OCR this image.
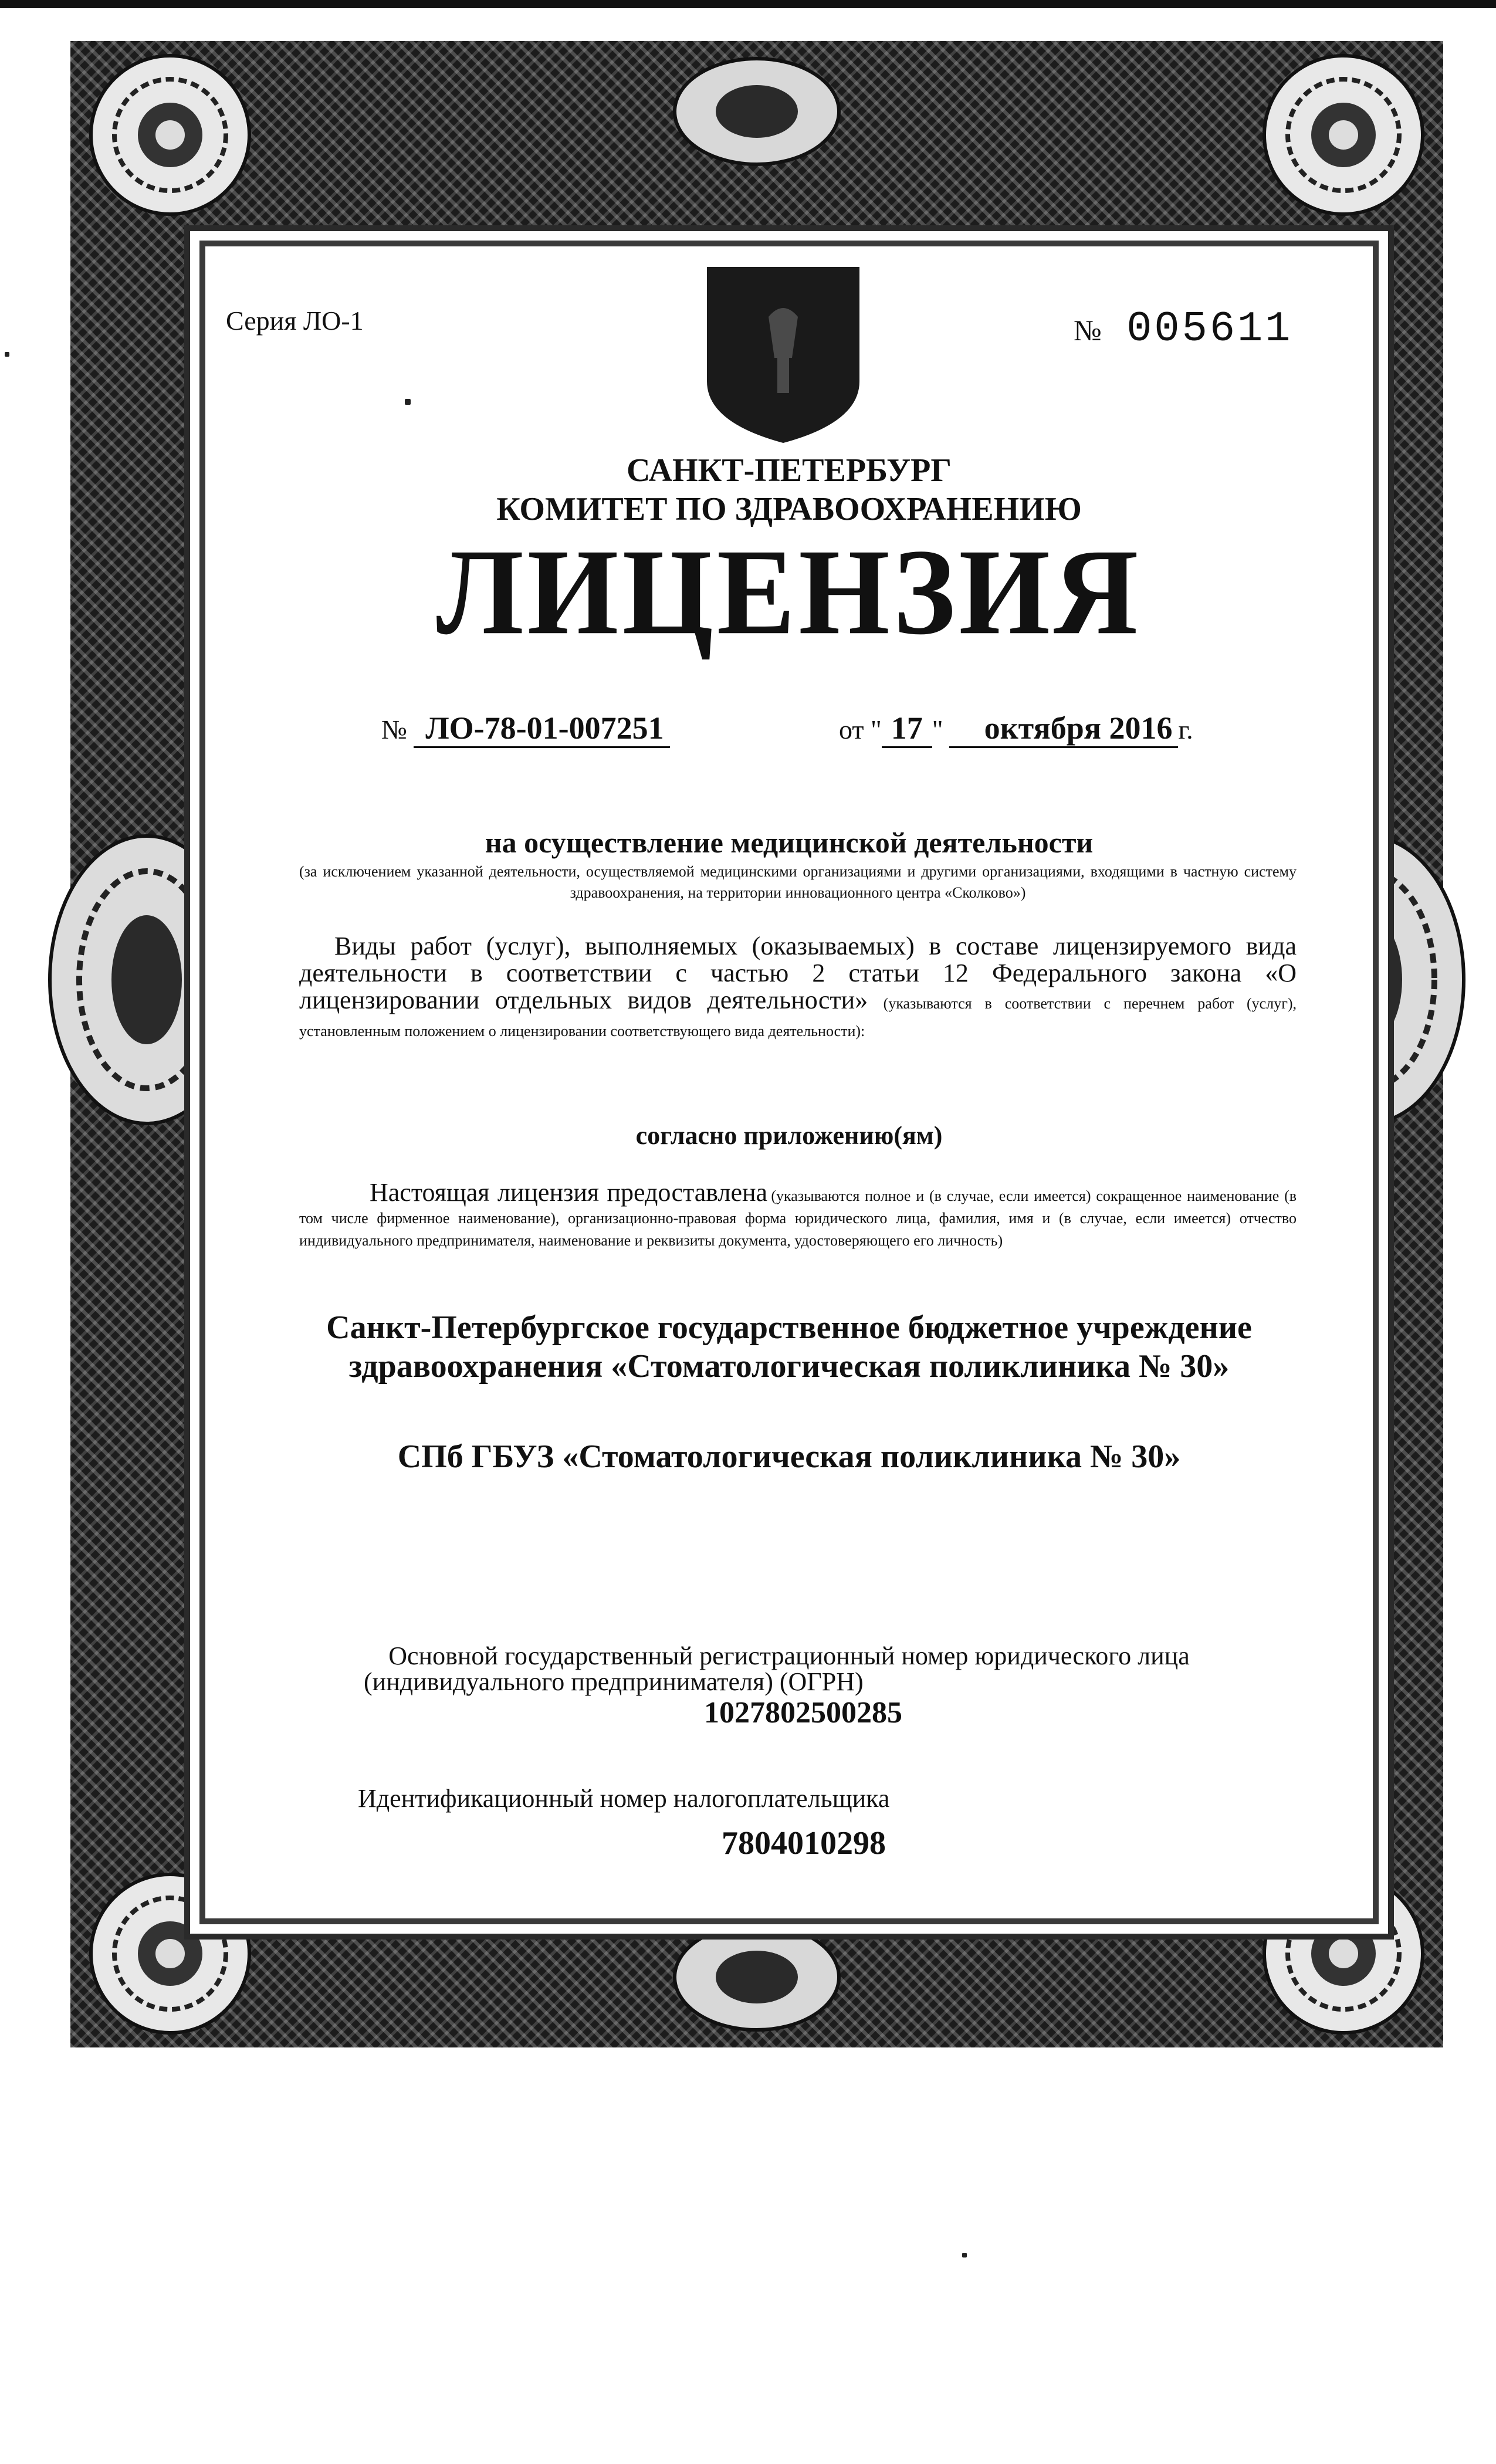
Серия ЛО-1	№ 005611
САНКТ-ПЕТЕРБУРГ
КОМИТЕТ ПО ЗДРАВООХРАНЕНИЮ
ЛИЦЕНЗИЯ
№ ЛО-78-01-007251	от " 17 " октября 2016 г.
на осуществление медицинской деятельности
(за исключением указанной деятельности, осуществляемой медицинскими организациями и другими организациями, входящими в частную систему здравоохранения, на территории инновационного центра «Сколково»)
Виды работ (услуг), выполняемых (оказываемых) в составе лицензируемого вида деятельности в соответствии с частью 2 статьи 12 Федерального закона «О лицензировании отдельных видов деятельности» (указываются в соответствии с перечнем работ (услуг), установленным положением о лицензировании соответствующего вида деятельности):
согласно приложению(ям)
Настоящая лицензия предоставлена (указываются полное и (в случае, если имеется) сокращенное наименование (в том числе фирменное наименование), организационно-правовая форма юридического лица, фамилия, имя и (в случае, если имеется) отчество индивидуального предпринимателя, наименование и реквизиты документа, удостоверяющего его личность)
Санкт-Петербургское государственное бюджетное учреждение
здравоохранения «Стоматологическая поликлиника № 30»
СПб ГБУЗ «Стоматологическая поликлиника № 30»
Основной государственный регистрационный номер юридического лица
(индивидуального предпринимателя) (ОГРН)
1027802500285
Идентификационный номер налогоплательщика
7804010298
